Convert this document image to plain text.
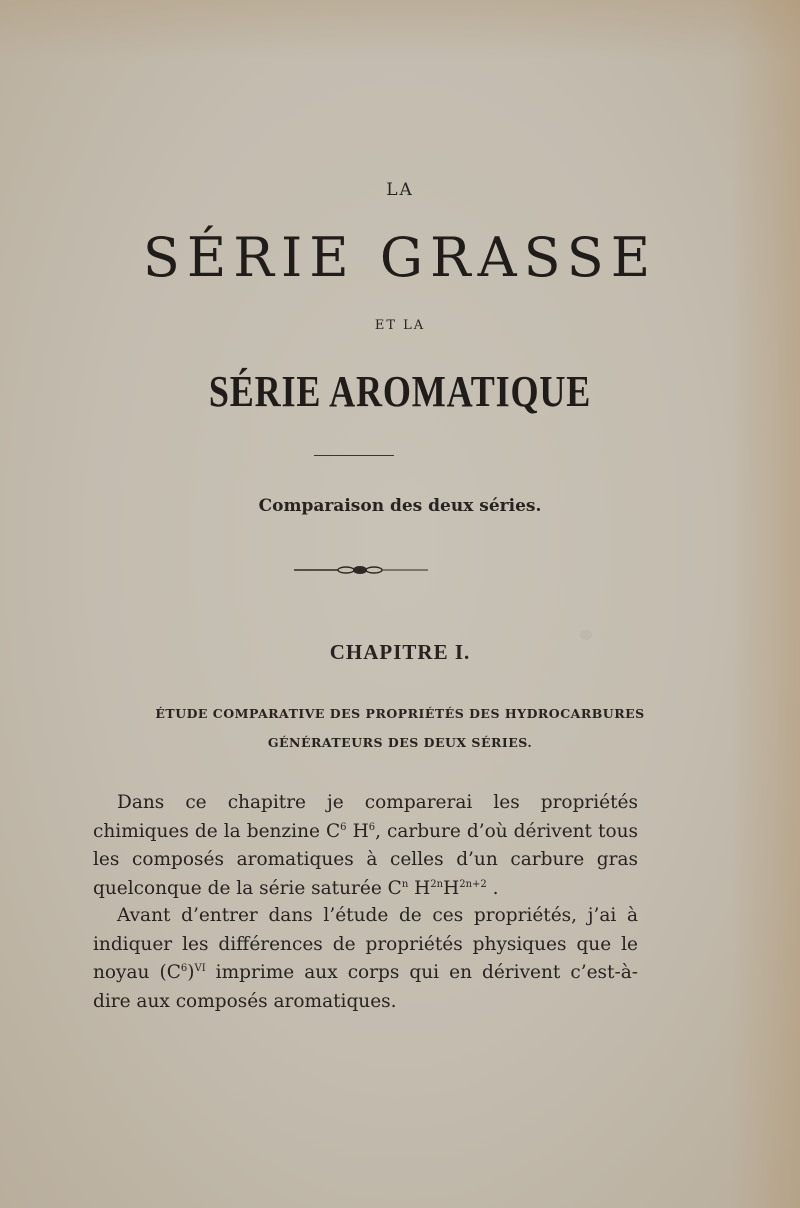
LA
SÉRIE GRASSE
ET LA
SÉRIE AROMATIQUE
Comparaison des deux séries.
CHAPITRE I.
ÉTUDE COMPARATIVE DES PROPRIÉTÉS DES HYDROCARBURES
GÉNÉRATEURS DES DEUX SÉRIES.
Dans ce chapitre je comparerai les propriétés chimiques de la benzine $C^6$ $H^6$, carbure d’où dérivent tous les composés aromatiques à celles d’un carbure gras quelconque de la série saturée $C^n$ $H^{2n}H^{2n+2}$ .
Avant d’entrer dans l’étude de ces propriétés, j’ai à indiquer les différences de propriétés physiques que le noyau $(C^6)^{VI}$ imprime aux corps qui en dérivent c’est-à-dire aux composés aromatiques.
